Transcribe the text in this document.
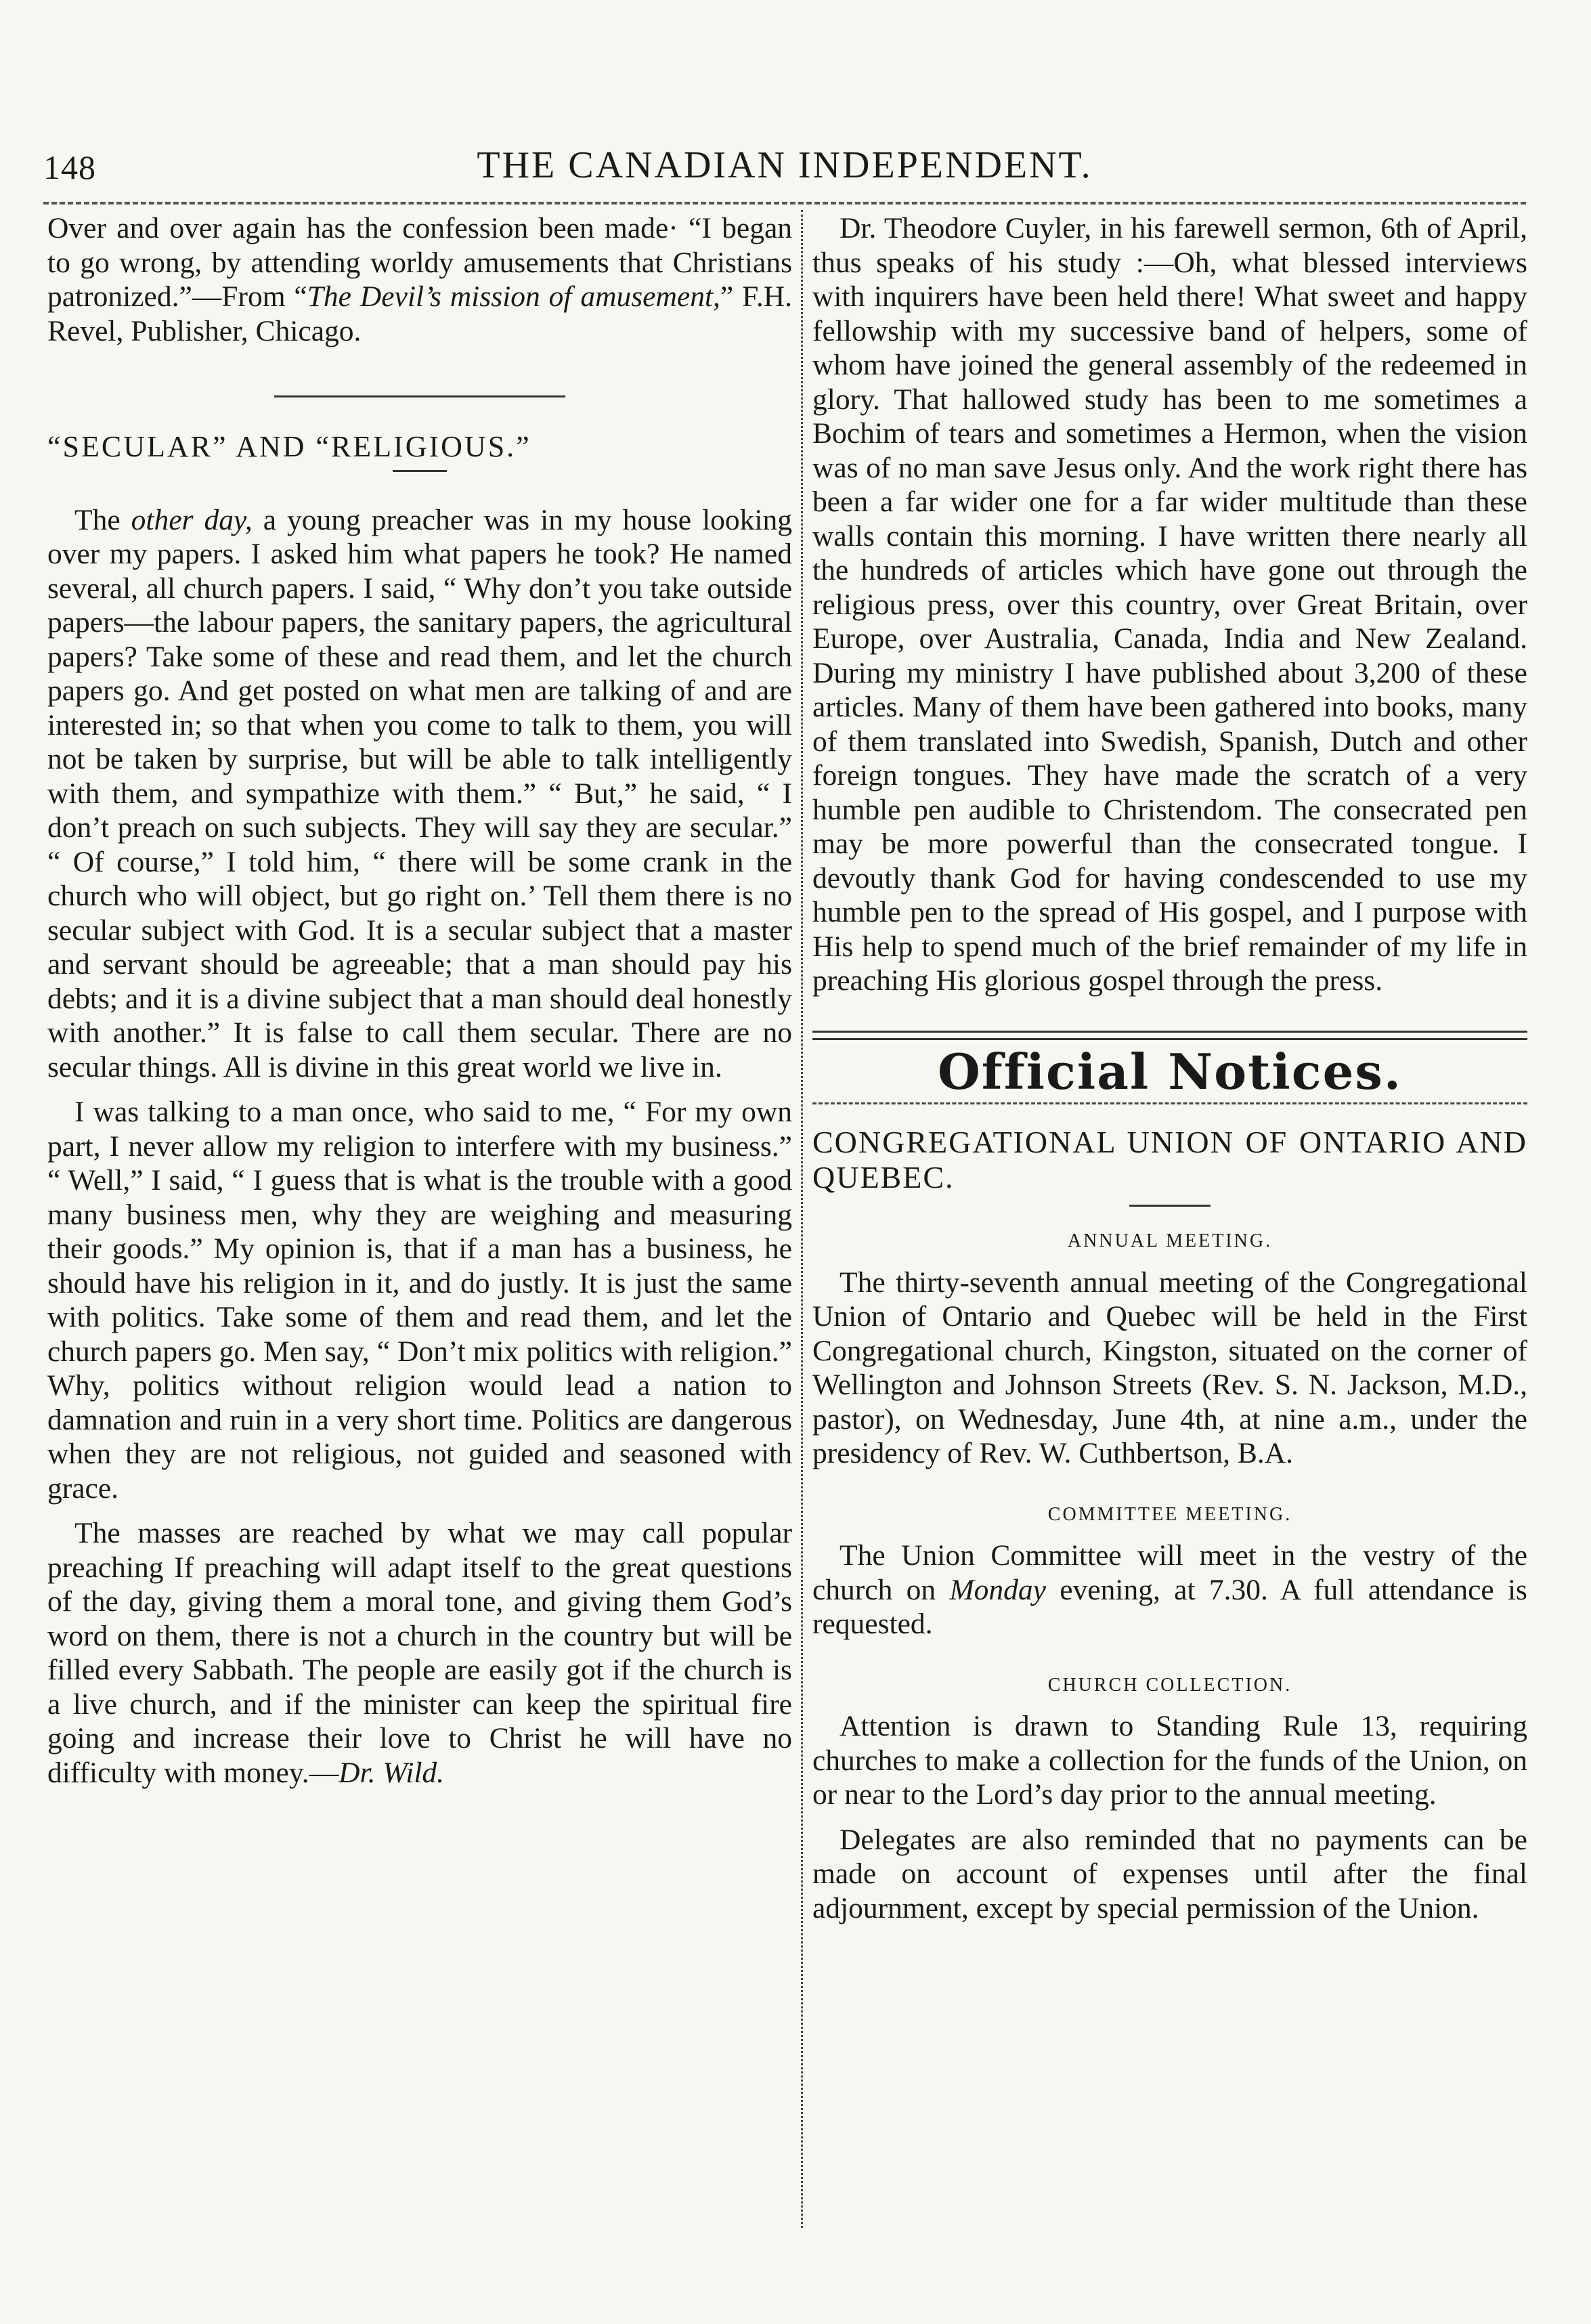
148	THE CANADIAN INDEPENDENT.

Over and over again has the confession been made· “I began to go wrong, by attending worldy amusements that Christians patronized.”—From “The Devil’s mission of amusement,” F.H. Revel, Publisher, Chicago.

“SECULAR” AND “RELIGIOUS.”

The other day, a young preacher was in my house looking over my papers. I asked him what papers he took? He named several, all church papers. I said, “ Why don’t you take outside papers—the labour papers, the sanitary papers, the agricultural papers? Take some of these and read them, and let the church papers go. And get posted on what men are talking of and are interested in; so that when you come to talk to them, you will not be taken by surprise, but will be able to talk intelligently with them, and sympathize with them.” “ But,” he said, “ I don’t preach on such subjects. They will say they are secular.” “ Of course,” I told him, “ there will be some crank in the church who will object, but go right on.’ Tell them there is no secular subject with God. It is a secular subject that a master and servant should be agreeable; that a man should pay his debts; and it is a divine subject that a man should deal honestly with another.” It is false to call them secular. There are no secular things. All is divine in this great world we live in.

I was talking to a man once, who said to me, “ For my own part, I never allow my religion to interfere with my business.” “ Well,” I said, “ I guess that is what is the trouble with a good many business men, why they are weighing and measuring their goods.” My opinion is, that if a man has a business, he should have his religion in it, and do justly. It is just the same with politics. Take some of them and read them, and let the church papers go. Men say, “ Don’t mix politics with religion.” Why, politics without religion would lead a nation to damnation and ruin in a very short time. Politics are dangerous when they are not religious, not guided and seasoned with grace.

The masses are reached by what we may call popular preaching If preaching will adapt itself to the great questions of the day, giving them a moral tone, and giving them God’s word on them, there is not a church in the country but will be filled every Sabbath. The people are easily got if the church is a live church, and if the minister can keep the spiritual fire going and increase their love to Christ he will have no difficulty with money.—Dr. Wild.

Dr. Theodore Cuyler, in his farewell sermon, 6th of April, thus speaks of his study :—Oh, what blessed interviews with inquirers have been held there! What sweet and happy fellowship with my successive band of helpers, some of whom have joined the general assembly of the redeemed in glory. That hallowed study has been to me sometimes a Bochim of tears and sometimes a Hermon, when the vision was of no man save Jesus only. And the work right there has been a far wider one for a far wider multitude than these walls contain this morning. I have written there nearly all the hundreds of articles which have gone out through the religious press, over this country, over Great Britain, over Europe, over Australia, Canada, India and New Zealand. During my ministry I have published about 3,200 of these articles. Many of them have been gathered into books, many of them translated into Swedish, Spanish, Dutch and other foreign tongues. They have made the scratch of a very humble pen audible to Christendom. The consecrated pen may be more powerful than the consecrated tongue. I devoutly thank God for having condescended to use my humble pen to the spread of His gospel, and I purpose with His help to spend much of the brief remainder of my life in preaching His glorious gospel through the press.

Official Notices.

CONGREGATIONAL UNION OF ONTARIO AND QUEBEC.

ANNUAL MEETING.

The thirty-seventh annual meeting of the Congregational Union of Ontario and Quebec will be held in the First Congregational church, Kingston, situated on the corner of Wellington and Johnson Streets (Rev. S. N. Jackson, M.D., pastor), on Wednesday, June 4th, at nine a.m., under the presidency of Rev. W. Cuthbertson, B.A.

COMMITTEE MEETING.

The Union Committee will meet in the vestry of the church on Monday evening, at 7.30. A full attendance is requested.

CHURCH COLLECTION.

Attention is drawn to Standing Rule 13, requiring churches to make a collection for the funds of the Union, on or near to the Lord’s day prior to the annual meeting.

Delegates are also reminded that no payments can be made on account of expenses until after the final adjournment, except by special permission of the Union.
